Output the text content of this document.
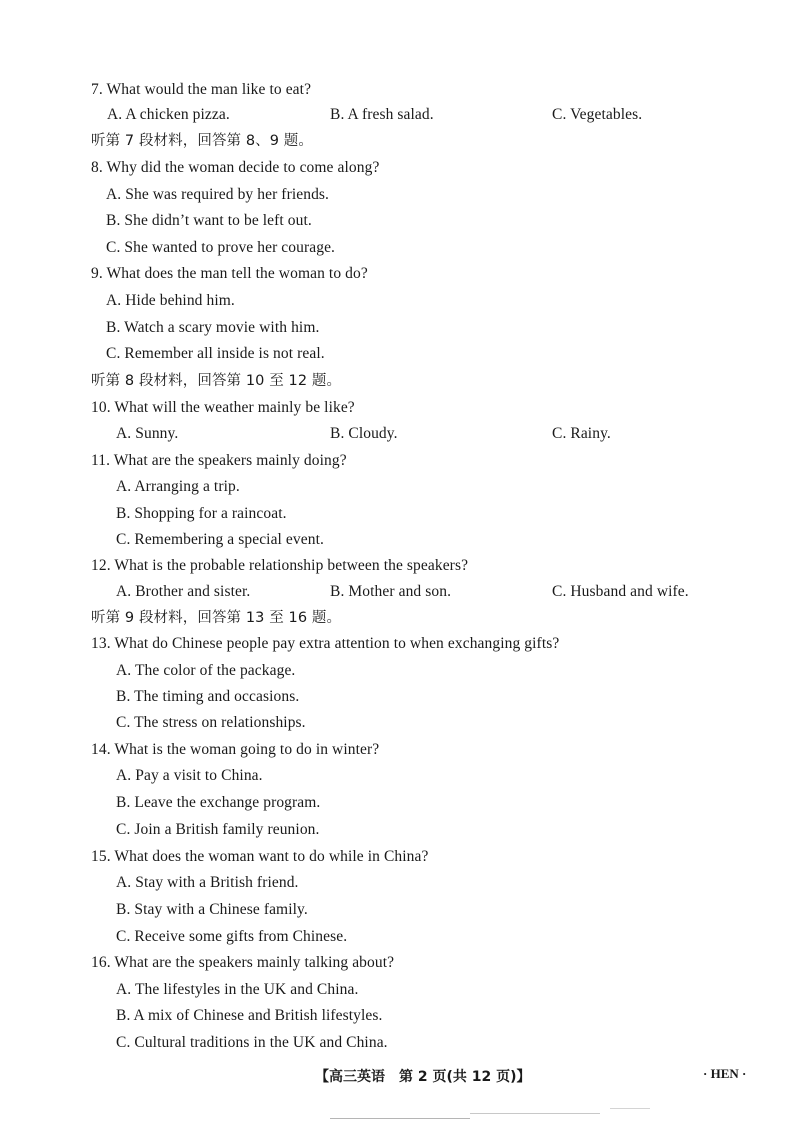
7. What would the man like to eat?
A. A chicken pizza.	B. A fresh salad.	C. Vegetables.
听第 7 段材料，回答第 8、9 题。
8. Why did the woman decide to come along?
A. She was required by her friends.
B. She didn’t want to be left out.
C. She wanted to prove her courage.
9. What does the man tell the woman to do?
A. Hide behind him.
B. Watch a scary movie with him.
C. Remember all inside is not real.
听第 8 段材料，回答第 10 至 12 题。
10. What will the weather mainly be like?
A. Sunny.	B. Cloudy.	C. Rainy.
11. What are the speakers mainly doing?
A. Arranging a trip.
B. Shopping for a raincoat.
C. Remembering a special event.
12. What is the probable relationship between the speakers?
A. Brother and sister.	B. Mother and son.	C. Husband and wife.
听第 9 段材料，回答第 13 至 16 题。
13. What do Chinese people pay extra attention to when exchanging gifts?
A. The color of the package.
B. The timing and occasions.
C. The stress on relationships.
14. What is the woman going to do in winter?
A. Pay a visit to China.
B. Leave the exchange program.
C. Join a British family reunion.
15. What does the woman want to do while in China?
A. Stay with a British friend.
B. Stay with a Chinese family.
C. Receive some gifts from Chinese.
16. What are the speakers mainly talking about?
A. The lifestyles in the UK and China.
B. A mix of Chinese and British lifestyles.
C. Cultural traditions in the UK and China.
【高三英语　第 2 页(共 12 页)】	· HEN ·
